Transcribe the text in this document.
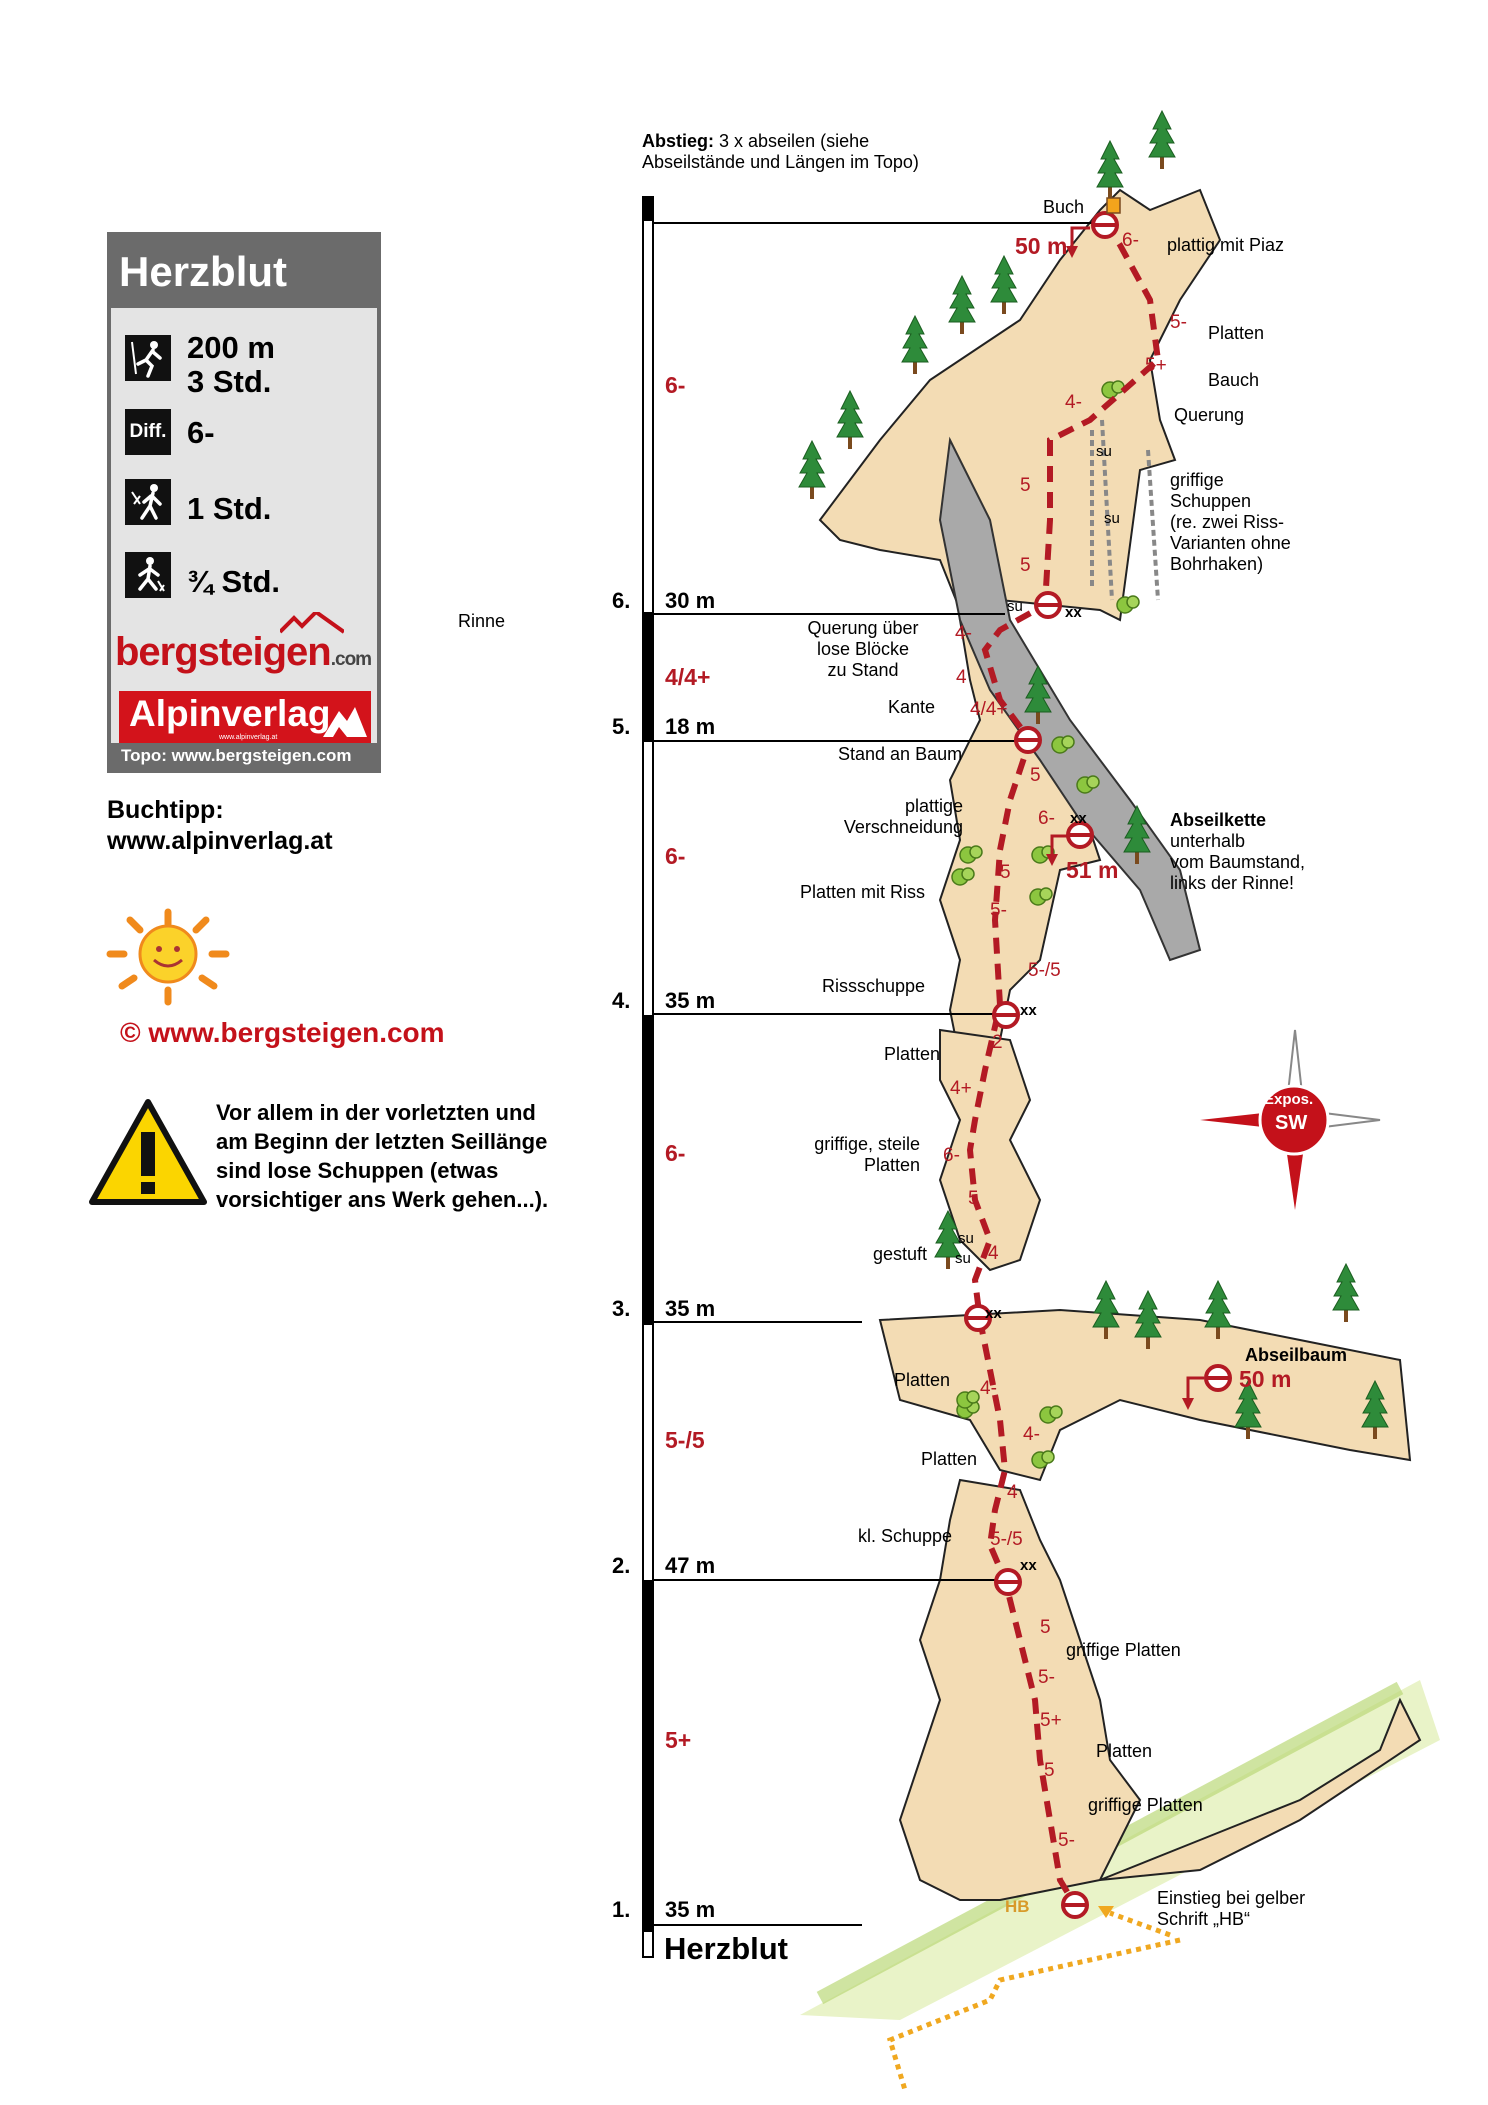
Herzblut
200 m
3 Std.
Diff. 6-
1 Std.
¾ Std.
bergsteigen.com
Alpinverlag
www.alpinverlag.at
Topo: www.bergsteigen.com
Buchtipp:
www.alpinverlag.at
© www.bergsteigen.com
Vor allem in der vorletzten und
am Beginn der letzten Seillänge
sind lose Schuppen (etwas
vorsichtiger ans Werk gehen...).
Abstieg: 3 x abseilen (siehe
Abseilstände und Längen im Topo)
1. 35 m
5+
2. 47 m
5-/5
3. 35 m
6-
4. 35 m
6-
5. 18 m
4/4+
6. 30 m
6-
Herzblut
Rinne
Buch
plattig mit Piaz
Platten
Bauch
Querung
griffige
Schuppen
(re. zwei Riss-
Varianten ohne
Bohrhaken)
Querung über
lose Blöcke
zu Stand
Kante
Stand an Baum
plattige
Verschneidung
Platten mit Riss
Rissschuppe
Abseilkette
unterhalb
vom Baumstand,
links der Rinne!
Platten
griffige, steile
Platten
gestuft
Abseilbaum
Platten
Platten
kl. Schuppe
griffige Platten
Platten
griffige Platten
Einstieg bei gelber
Schrift „HB“
HB
50 m
51 m
50 m
xx
xx
xx
xx
xx
su
su
su
su
su
6-
5-
5+
4-
5
5
4-
4
4/4+
5
6-
5
5-
5-/5
2
4+
6-
5
4
4-
4-
4
5-/5
5
5-
5+
5
5-
Expos.
SW
